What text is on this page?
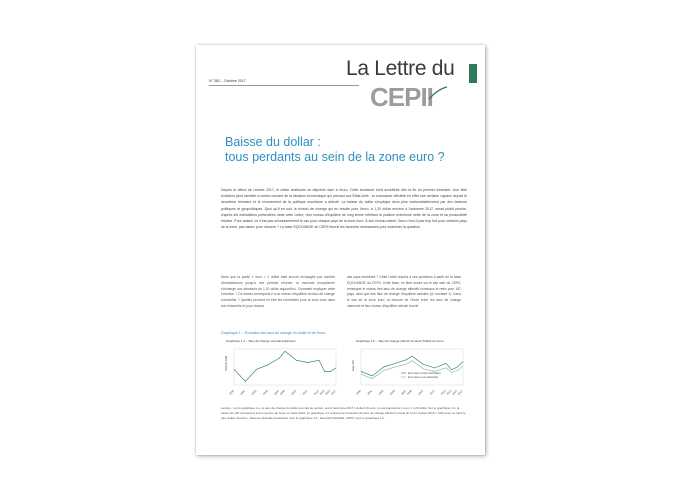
La Lettre du
N° 381 – Octobre 2017
CEPII
Baisse du dollar :
tous perdants au sein de la zone euro ?
Depuis le début de l'année 2017, le dollar américain se déprécie face à l'euro. Cette tendance s'est accélérée dès la fin du premier trimestre. Une telle évolution peut sembler à contre-courant de la situation économique qui prévaut aux États-Unis : la croissance officielle en effet une certaine vigueur depuis le deuxième trimestre et le recrutement de la politique monétaire a débuté. La baisse du dollar s'explique donc plus vraisemblablement par des facteurs politiques et géopolitiques. Quoi qu'il en soit, le niveau de change qui en résulte pour l'euro, à 1,20 dollar environ à l'automne 2017, serait plutôt proche, d'après les estimations présentées dans cette Lettre, d'un niveau d'équilibre de long terme reflétant la position extérieure nette de la zone et sa productivité relative. Pour autant, ce n'est pas nécessairement le cas pour chaque pays de la zone euro. À son niveau actuel, l'euro n'est-il pas trop fort pour certains pays de la zone, pas assez pour d'autres ? La base EQCHANGE du CEPII fournit les données nécessaires pour examiner la question.
Alors que la parité 1 euro = 1 dollar était encore envisagée par nombre d'investisseurs jusqu'à une période récente, la monnaie européenne s'échange aux alentours de 1,20 dollar aujourd'hui. Comment expliquer cette évolution ? Ce niveau correspond-il à un niveau d'équilibre du taux de change euro/dollar ? Quelles peuvent en être les retombées pour la zone euro dans son ensemble et pour chacun
des pays membres ? Cette Lettre répond à ces questions à partir de la base EQCHANGE du CEPII. Cette base, en libre accès sur le site web du CEPII, renseigne le niveau des taux de change effectifs nominaux et réels pour 187 pays, ainsi que des taux de change d'équilibre calculés (cf. encadré 1). Dans le cas de la zone euro, la mesure de l'écart entre les taux de change observés et leur niveau d'équilibre calculé fournit
Graphique 1 – Évolution des taux de change du dollar et de l'euro
Graphique 1.a – Taux de change nominal dollar/euro	Graphique 1.b – Taux de change effectif nominal (TCEN) de l'euro
USD for EUR
1999 2001 2003 2005 2007 2008 2010 2012 2014 2015 2016 2017
base 100
1999 2001 2003 2005 2007 2008 2010 2012 2014 2015 2016 2017
Euro (taux à deux décimales)
Euro (taux à une décimale)
Lecture : sur le graphique 1.a, le taux de change du dollar est coté au certain, soit à l'automne 2017 1 dollar 0,8 euro, ce qui équivaut à 1 euro = 1,20 dollar. Sur le graphique 1.b, la valeur de 100 correspond à la moyenne de l'euro en base 2010. Le graphique 1.b représente l'évolution du taux de change effectif nominal de l'euro (indice 2010 = 100) avec ou sans le taux dollar. Sources : Réserve fédérale américaine pour le graphique 1.a ; base EQCHANGE, CEPII, pour le graphique 1.b.
